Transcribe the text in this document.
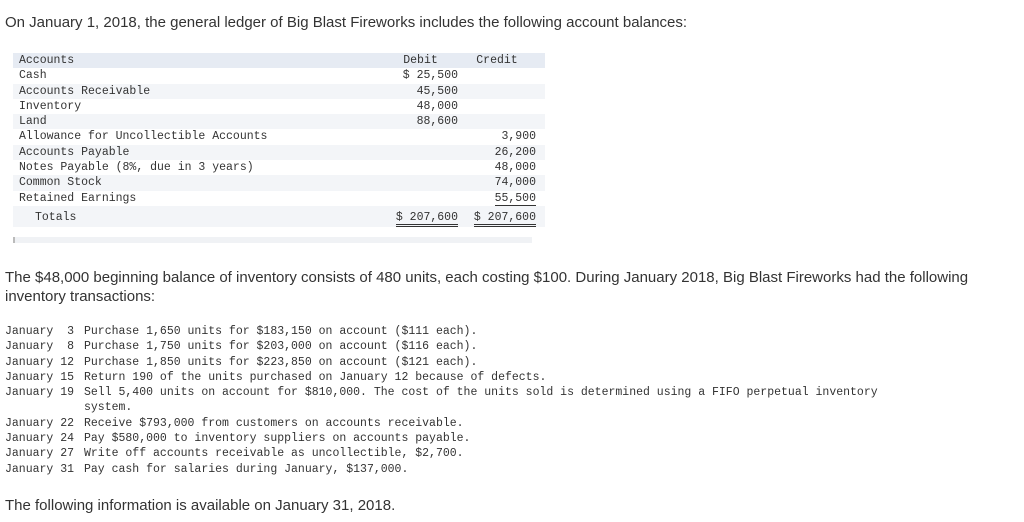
On January 1, 2018, the general ledger of Big Blast Fireworks includes the following account balances:

Accounts	Debit	Credit
Cash	$ 25,500	
Accounts Receivable	45,500	
Inventory	48,000	
Land	88,600	
Allowance for Uncollectible Accounts		3,900
Accounts Payable		26,200
Notes Payable (8%, due in 3 years)		48,000
Common Stock		74,000
Retained Earnings		55,500
Totals	$ 207,600	$ 207,600

The $48,000 beginning balance of inventory consists of 480 units, each costing $100. During January 2018, Big Blast Fireworks had the following inventory transactions:

January  3 Purchase 1,650 units for $183,150 on account ($111 each).
January  8 Purchase 1,750 units for $203,000 on account ($116 each).
January 12 Purchase 1,850 units for $223,850 on account ($121 each).
January 15 Return 190 of the units purchased on January 12 because of defects.
January 19 Sell 5,400 units on account for $810,000. The cost of the units sold is determined using a FIFO perpetual inventory system.
January 22 Receive $793,000 from customers on accounts receivable.
January 24 Pay $580,000 to inventory suppliers on accounts payable.
January 27 Write off accounts receivable as uncollectible, $2,700.
January 31 Pay cash for salaries during January, $137,000.

The following information is available on January 31, 2018.
